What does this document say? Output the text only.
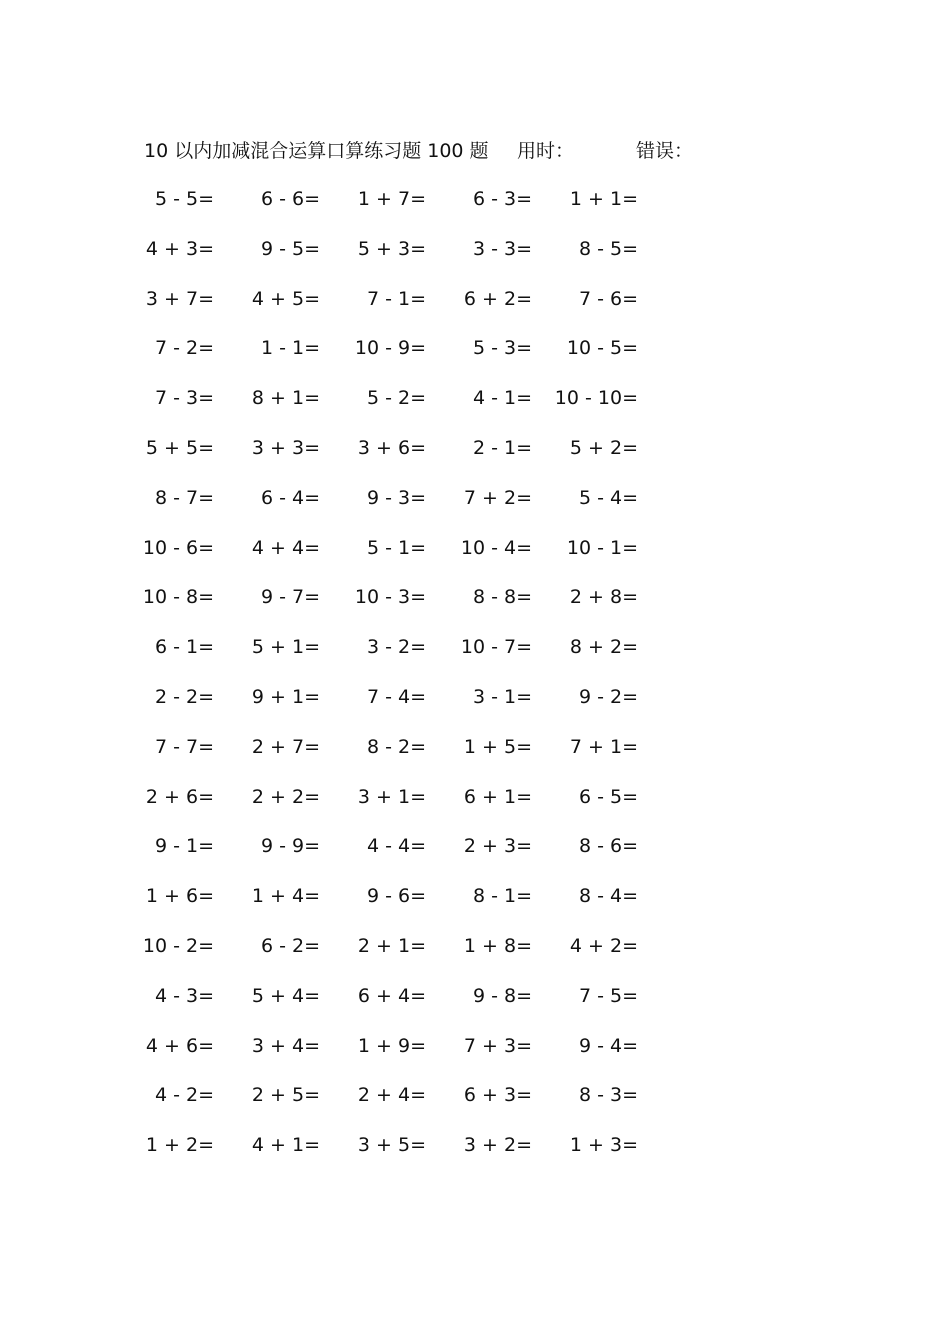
10 以内加减混合运算口算练习题 100 题 用时：	错误：
5 - 5=	6 - 6=	1 + 7=	6 - 3=	1 + 1=
4 + 3=	9 - 5=	5 + 3=	3 - 3=	8 - 5=
3 + 7=	4 + 5=	7 - 1=	6 + 2=	7 - 6=
7 - 2=	1 - 1=	10 - 9=	5 - 3=	10 - 5=
7 - 3=	8 + 1=	5 - 2=	4 - 1=	10 - 10=
5 + 5=	3 + 3=	3 + 6=	2 - 1=	5 + 2=
8 - 7=	6 - 4=	9 - 3=	7 + 2=	5 - 4=
10 - 6=	4 + 4=	5 - 1=	10 - 4=	10 - 1=
10 - 8=	9 - 7=	10 - 3=	8 - 8=	2 + 8=
6 - 1=	5 + 1=	3 - 2=	10 - 7=	8 + 2=
2 - 2=	9 + 1=	7 - 4=	3 - 1=	9 - 2=
7 - 7=	2 + 7=	8 - 2=	1 + 5=	7 + 1=
2 + 6=	2 + 2=	3 + 1=	6 + 1=	6 - 5=
9 - 1=	9 - 9=	4 - 4=	2 + 3=	8 - 6=
1 + 6=	1 + 4=	9 - 6=	8 - 1=	8 - 4=
10 - 2=	6 - 2=	2 + 1=	1 + 8=	4 + 2=
4 - 3=	5 + 4=	6 + 4=	9 - 8=	7 - 5=
4 + 6=	3 + 4=	1 + 9=	7 + 3=	9 - 4=
4 - 2=	2 + 5=	2 + 4=	6 + 3=	8 - 3=
1 + 2=	4 + 1=	3 + 5=	3 + 2=	1 + 3=
